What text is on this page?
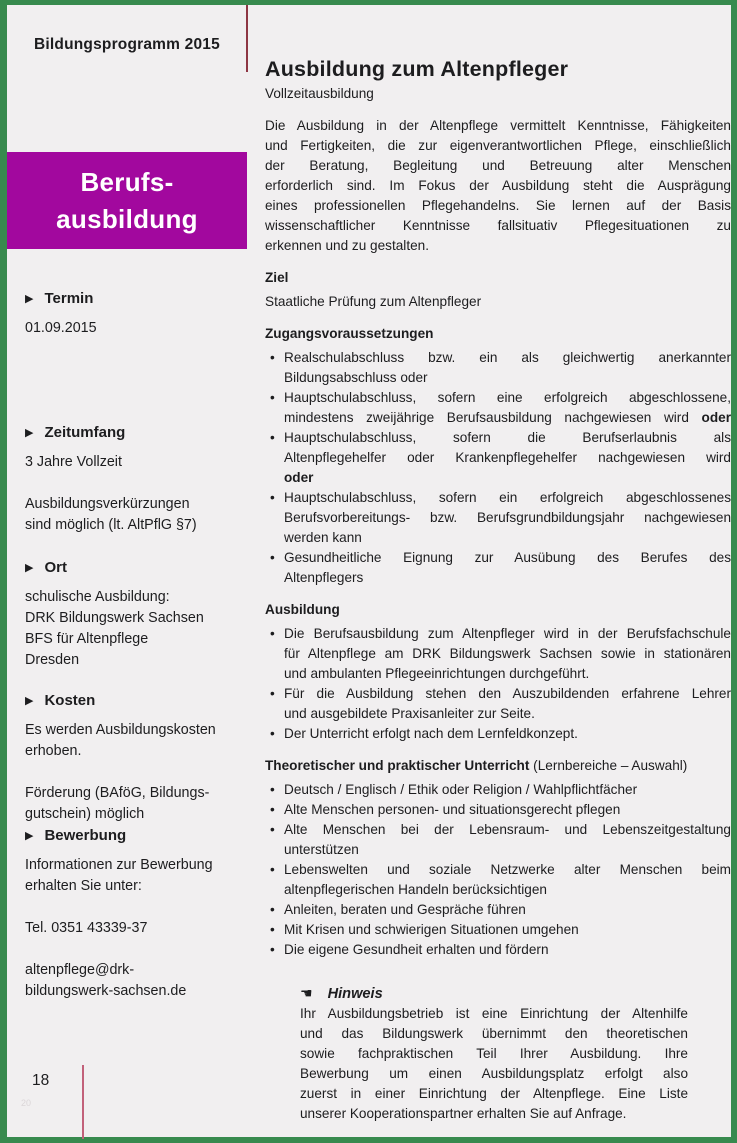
Bildungsprogramm 2015
Berufs-
ausbildung
▶ Termin
01.09.2015
▶ Zeitumfang
3 Jahre Vollzeit

Ausbildungsverkürzungen
sind möglich (lt. AltPflG §7)
▶ Ort
schulische Ausbildung:
DRK Bildungswerk Sachsen
BFS für Altenpflege
Dresden
▶ Kosten
Es werden Ausbildungskosten
erhoben.

Förderung (BAföG, Bildungs-
gutschein) möglich
▶ Bewerbung
Informationen zur Bewerbung
erhalten Sie unter:

Tel. 0351 43339-37

altenpflege@drk-
bildungswerk-sachsen.de
18
20
Ausbildung zum Altenpfleger
Vollzeitausbildung
Die Ausbildung in der Altenpflege vermittelt Kenntnisse, Fähigkeiten
und Fertigkeiten, die zur eigenverantwortlichen Pflege, einschließlich
der Beratung, Begleitung und Betreuung alter Menschen
erforderlich sind. Im Fokus der Ausbildung steht die Ausprägung
eines professionellen Pflegehandelns. Sie lernen auf der Basis
wissenschaftlicher Kenntnisse fallsituativ Pflegesituationen zu
erkennen und zu gestalten.
Ziel
Staatliche Prüfung zum Altenpfleger
Zugangsvoraussetzungen
• Realschulabschluss bzw. ein als gleichwertig anerkannter
Bildungsabschluss oder
• Hauptschulabschluss, sofern eine erfolgreich abgeschlossene,
mindestens zweijährige Berufsausbildung nachgewiesen wird oder
• Hauptschulabschluss, sofern die Berufserlaubnis als
Altenpflegehelfer oder Krankenpflegehelfer nachgewiesen wird
oder
• Hauptschulabschluss, sofern ein erfolgreich abgeschlossenes
Berufsvorbereitungs- bzw. Berufsgrundbildungsjahr nachgewiesen
werden kann
• Gesundheitliche Eignung zur Ausübung des Berufes des
Altenpflegers
Ausbildung
• Die Berufsausbildung zum Altenpfleger wird in der Berufsfachschule
für Altenpflege am DRK Bildungswerk Sachsen sowie in stationären
und ambulanten Pflegeeinrichtungen durchgeführt.
• Für die Ausbildung stehen den Auszubildenden erfahrene Lehrer
und ausgebildete Praxisanleiter zur Seite.
• Der Unterricht erfolgt nach dem Lernfeldkonzept.
Theoretischer und praktischer Unterricht (Lernbereiche – Auswahl)
• Deutsch / Englisch / Ethik oder Religion / Wahlpflichtfächer
• Alte Menschen personen- und situationsgerecht pflegen
• Alte Menschen bei der Lebensraum- und Lebenszeitgestaltung
unterstützen
• Lebenswelten und soziale Netzwerke alter Menschen beim
altenpflegerischen Handeln berücksichtigen
• Anleiten, beraten und Gespräche führen
• Mit Krisen und schwierigen Situationen umgehen
• Die eigene Gesundheit erhalten und fördern
☚ Hinweis
Ihr Ausbildungsbetrieb ist eine Einrichtung der Altenhilfe
und das Bildungswerk übernimmt den theoretischen
sowie fachpraktischen Teil Ihrer Ausbildung. Ihre
Bewerbung um einen Ausbildungsplatz erfolgt also
zuerst in einer Einrichtung der Altenpflege. Eine Liste
unserer Kooperationspartner erhalten Sie auf Anfrage.
